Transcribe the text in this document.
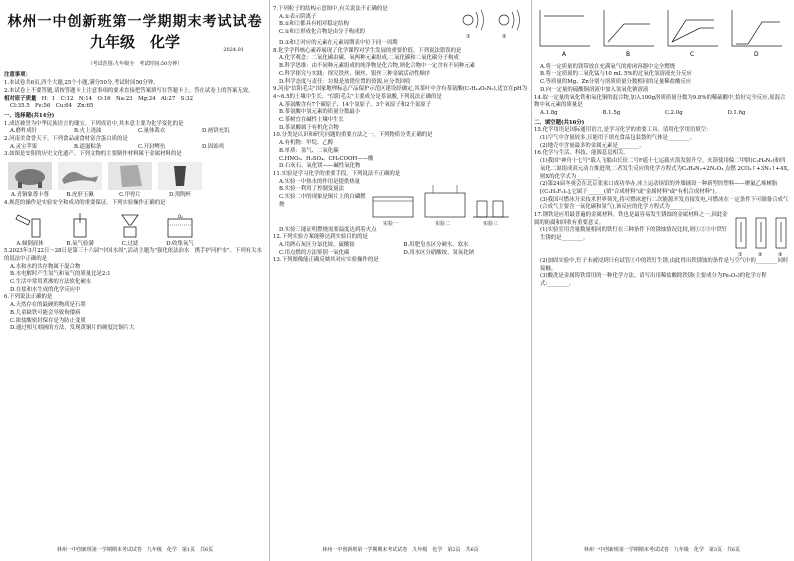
林州一中创新班第一学期期末考试试卷
九年级　化学	2024.01
（考试范围:九年级全　考试时间:50分钟）
注意事项：
1.本试卷共6页,四个大题,25个小题,满分50分,考试时间50分钟。
2.本试卷上不要答题,请按答题卡上注意事项的要求直接把答案填写在答题卡上。答在试卷上的答案无效。
相对原子质量　 H：1　C:12　N:14　O:16　Na:23　Mg:24　Al:27　S:32
Cl:35.5　Fe:56　Cu:64　Zn:65
一、选择题(共14分)
1.成语被誉为中华民族语言的瑰宝。下列成语中,其本意主要为化学变化的是
A.磨杵成针	B.火上浇油	C.量体裁衣	D.画饼充饥
2.河南美食誉天下。下列食品或食材富含蛋白质的是
A.灵宝苹果	B.道滋粽条	C.开封鲤鱼	D.固始鸡
3.如图是安阳的历史文化遗产。下列文物的主要制作材料属于金属材料的是
A.青铜象尊卡尊	B.虎形玉佩	C.甲骨片	D.黑陶杯
4.规范的操作是实验安全和成功的重要保证。下列实验操作正确的是
O₂
A.倾倒液体	B.氧气验满	C.过滤	D.收集氧气
5.2023年3月22日～28日是第三十六届"中国水周",活动主题为"强化依法治水　携手护河护水"。下列有关水的说法中正确的是
A.水和水的共存物属于混合物
B.水电解时产生氢气和氧气的质量比是2:1
C.生活中常用煮沸的方法软化硬水
D.在盐和水生成的化学反应中
6.下列说法正确的是
A.天然存在的最硬的物质是石墨
B.儿童缺铁可能会导致佝偻病
C.浓盐酸密封保存是为防止变质
D.通过相互刻画的方法，发现黄铜片的硬度比铜片大
林州一中创新班第一学期期末考试试卷　九年级　化学　第1页　共6页
7.下列粒子的结构示意图中,有关说法不正确的是
A.①表示阴离子
B.①和②都具有相对稳定结构
C.①和②形成化合物是由分子构成的
①	②
D.①和②对应的元素在元素周期表中位于同一周期
8.化学学科核心素养展现了化学课程对学生发展的重要价值。下列说法错误的是
A.化学观念：二氧化碳由碳、氧两种元素组成,二氧化碳和二氧化碳分子构成
B.科学思维：由不同种元素组成的纯净物是化合物,则化合物中一定含有不同种元素
C.科学探究与实践：探究铁丝、铜丝、银丝三种金属活动性顺序
D.科学态度与责任：垃圾是放错位置的资源,应分类回收
9.河南"信阳毛尖"国家地理标志产品保护示范区建设经确定,其茶叶中含有茶氨酸(C₇H₁₄O₃N₂),适宜在pH为4~6.5的土壤中生长。"信阳毛尖"主要成分是茶氨酸,下列说法正确的是
A.茶氨酸含有7个碳原子、14个氢原子、3个氧原子和2个氮原子
B.茶氨酸中氢元素的质量分数最小
C.茶树宜在碱性土壤中生长
D.茶氨酸属于有机化合物
10.分类是认识和研究问题的重要方法之一。下列物质分类正确的是
A.有机物：甲烷、乙醇
B.单质：氢气、二氧化碳
C.HNO₃、H₂SO₄、CH₃COOH——酸
D.石灰石、氧化镁——碱性氧化物
11.实验是学习化学的重要手段。下列说法不正确的是
A.实验一中热水的作用是提供热量
B.实验一利用了控制变量法
C.实验二中的现象是铜片上的白磷燃烧
实验一	实验二	实验三
D.实验三能证明燃烧需要温度达到着火点
12.下列实验方案能够达到实验目的的是
A.用熟石灰区分氯化铵、硫酸铵	B.用肥皂水区分硬水、软水
C.用点燃的方法鉴别一氧化碳	D.用水区分硝酸铵、氢氧化钠
13.下列图像能正确反映其对应实验操作的是
林州一中创新班第一学期期末考试试卷　九年级　化学　第2页　共6页
A	B	C	D
A.将一定质量的镁带放在充满氧气的密闭容器中完全燃烧
B.将一定质量的二氧化锰与10 mL 5%的过氧化氢溶液充分反应
C.等质量的Mg、Zn分别与溶质质量分数相同的足量稀盐酸反应
D.向一定量的硫酸铜溶液中加入氢氧化钠溶液
14.取一定量的氧化铁和氧化铜的混合物,加入100g溶质质量分数为9.8%的稀硫酸中,恰好完全反应,原混合物中氧元素的质量是
A.1.8g	B.1.5g	C.2.0g	D.1.6g
二、填空题(共16分)
15.化学用语是国际通用语言,是学习化学的重要工具。请用化学用语填空：
(1)空气中含量较多,且能用于填充食品包装袋的气体是________。
(2)地壳中含量最多的金属元素是________。
16.化学与生活、科技、能源息息相关。
(1)我国"神舟十七号"载人飞船由长征二号F遥十七运载火箭发射升空。火箭使用偏二甲肼(C₂H₈N₂)和四氧化二氮组成双元动力推进剂,二者发生反应的化学方程式为C₂H₈N₂+2N₂O₄ 点燃 2CO₂↑+3N₂↑+4X,则X的化学式为________。
(2)第24届冬奥会在北京张家口成功举办,冰上运动场馆的外墙铺设一种新型的塑料——聚氟乙烯树脂[(C₂H₂F₂)ₙ],它属于______(填"合成材料"或"金属材料"或"有机合成材料")。
(3)我国可燃冰开采技术世界领先,将可燃冰进行二次能源开发直接发电,可燃冰在一定条件下可制备合成气(合成气主要含一氧化碳和氢气),该反应的化学方程式为________。
17.钢铁是应用最普遍的金属材料。铁也是最容易发生锈蚀的金属材料之一,因此金属的防腐和回收有重要意义。
(1)实验室用含量数量相同的铁钉在三种条件下的锈蚀情况比较,则①②③中铁钉生锈的是________。
①	②	③
(2)加固实验中,钉子未被浸到只有试管①中的铁钉生锈,由此得出铁锈蚀的条件是与空气中的________同时接触。
(3)酸洗是金属铸铁常用的一种化学方法。请写出用稀盐酸除铁锈(主要成分为Fe₂O₃)的化学方程式:________。
林州一中创新班第一学期期末考试试卷　九年级　化学　第3页　共6页
